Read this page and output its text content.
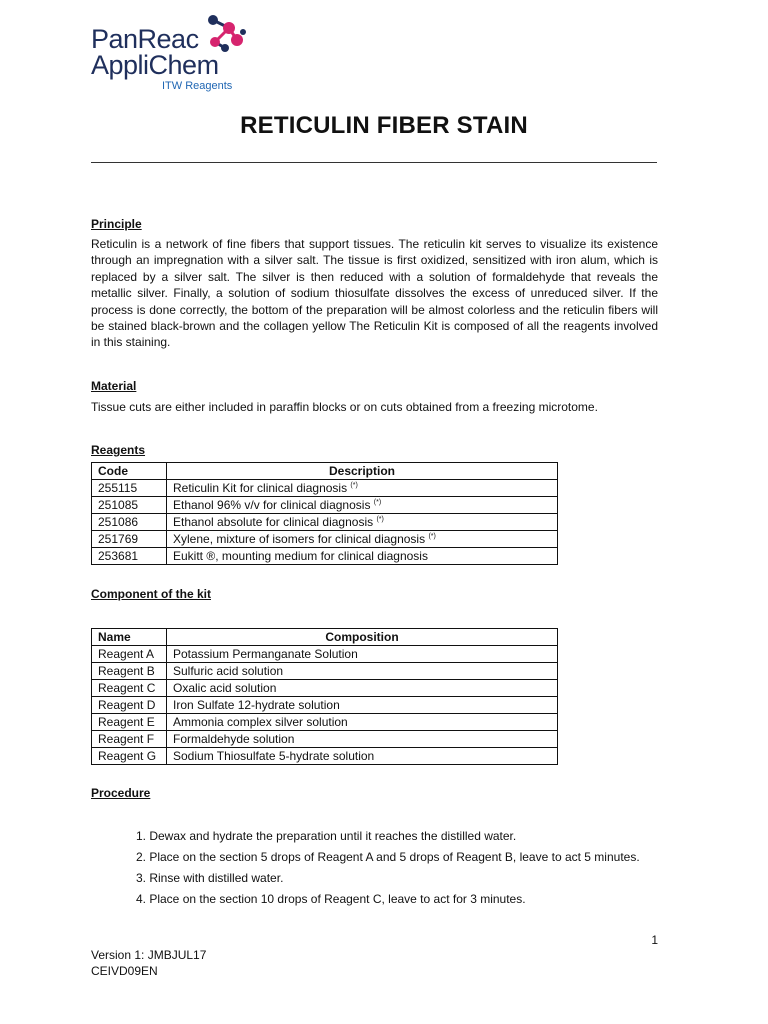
PanReac
AppliChem
ITW Reagents
RETICULIN FIBER STAIN
Principle
Reticulin is a network of fine fibers that support tissues. The reticulin kit serves to visualize its existence through an impregnation with a silver salt. The tissue is first oxidized, sensitized with iron alum, which is replaced by a silver salt. The silver is then reduced with a solution of formaldehyde that reveals the metallic silver. Finally, a solution of sodium thiosulfate dissolves the excess of unreduced silver. If the process is done correctly, the bottom of the preparation will be almost colorless and the reticulin fibers will be stained black-brown and the collagen yellow The Reticulin Kit is composed of all the reagents involved in this staining.
Material
Tissue cuts are either included in paraffin blocks or on cuts obtained from a freezing microtome.
Reagents
Code	Description
255115	Reticulin Kit for clinical diagnosis (*)
251085	Ethanol 96% v/v for clinical diagnosis (*)
251086	Ethanol absolute for clinical diagnosis (*)
251769	Xylene, mixture of isomers for clinical diagnosis (*)
253681	Eukitt ®, mounting medium for clinical diagnosis
Component of the kit
Name	Composition
Reagent A	Potassium Permanganate Solution
Reagent B	Sulfuric acid solution
Reagent C	Oxalic acid solution
Reagent D	Iron Sulfate 12-hydrate solution
Reagent E	Ammonia complex silver solution
Reagent F	Formaldehyde solution
Reagent G	Sodium Thiosulfate 5-hydrate solution
Procedure
1. Dewax and hydrate the preparation until it reaches the distilled water.
2. Place on the section 5 drops of Reagent A and 5 drops of Reagent B, leave to act 5 minutes.
3. Rinse with distilled water.
4. Place on the section 10 drops of Reagent C, leave to act for 3 minutes.
1
Version 1: JMBJUL17
CEIVD09EN
